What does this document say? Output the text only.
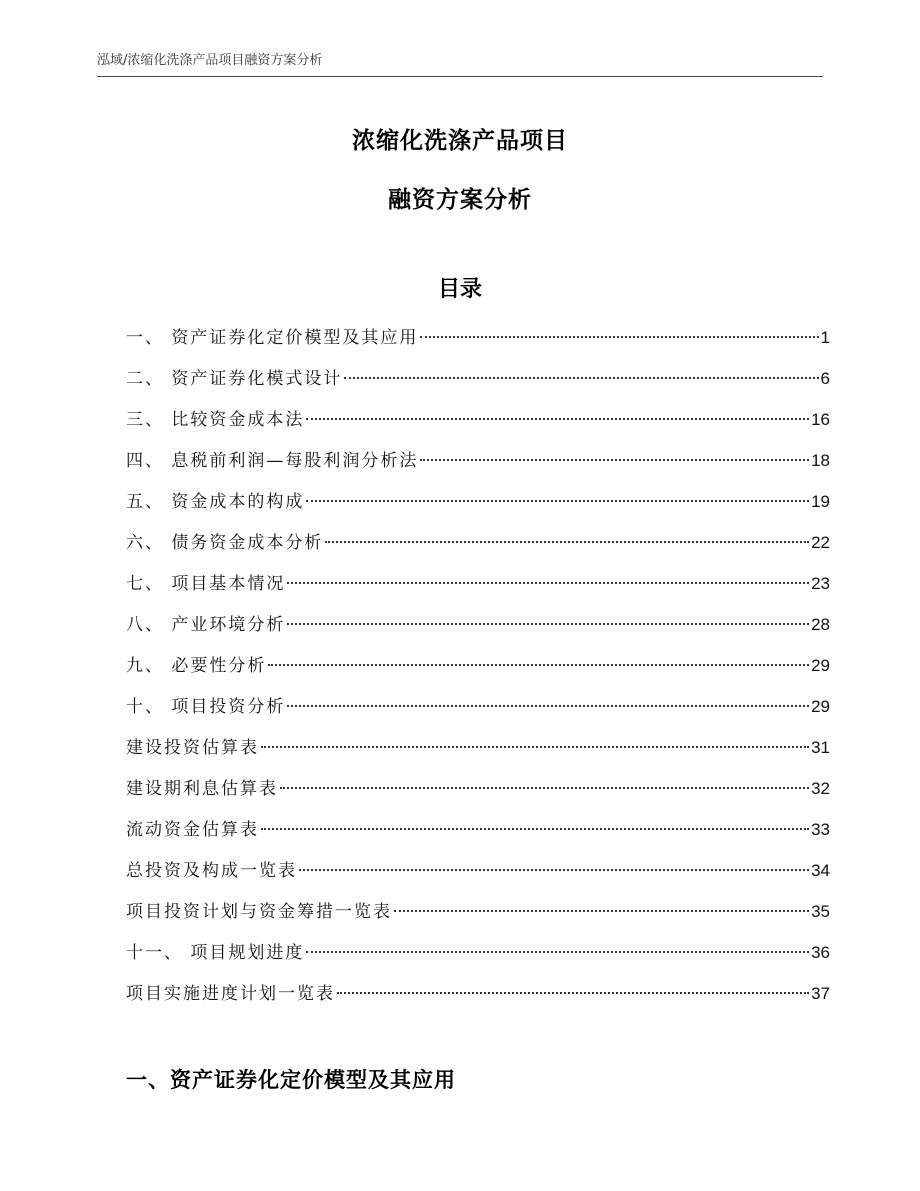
泓域/浓缩化洗涤产品项目融资方案分析
浓缩化洗涤产品项目
融资方案分析
目录
一、 资产证券化定价模型及其应用	1
二、 资产证券化模式设计	6
三、 比较资金成本法	16
四、 息税前利润—每股利润分析法	18
五、 资金成本的构成	19
六、 债务资金成本分析	22
七、 项目基本情况	23
八、 产业环境分析	28
九、 必要性分析	29
十、 项目投资分析	29
建设投资估算表	31
建设期利息估算表	32
流动资金估算表	33
总投资及构成一览表	34
项目投资计划与资金筹措一览表	35
十一、 项目规划进度	36
项目实施进度计划一览表	37
一、资产证券化定价模型及其应用
